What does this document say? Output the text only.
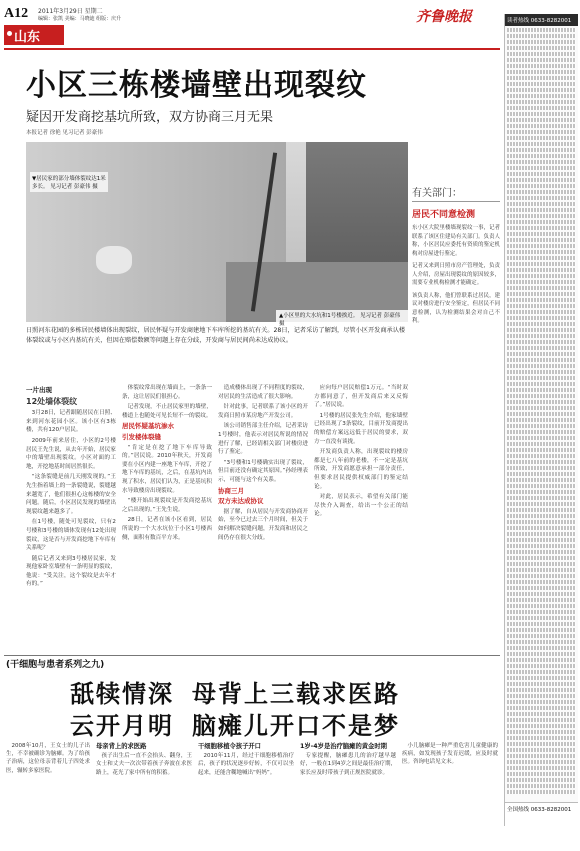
A12 2011年3月29日 星期二
编辑：张凯 美编：马晓迪 组版：庆升
山东
齐鲁晚报
小区三栋楼墙壁出现裂纹
疑因开发商挖基坑所致，双方协商三月无果
本报记者 徐艳 见习记者 彭豪伟
▼居民家的部分墙体裂纹达1米多长。 见习记者 彭豪伟 摄
▲小区里的大水坑和1号楼挨近。 见习记者 彭豪伟 摄
日照河东花园的多栋居民楼墙体出现裂纹，居民怀疑与开发商建地下车库所挖的基坑有关。28日，记者采访了解到，尽管小区开发商承认楼体裂纹或与小区内基坑有关，但因在赔偿数额等问题上存在分歧，开发商与居民间尚未达成协议。
一片出现
12处墙体裂纹

3月28日，记者跟随居民在日照、来到河东花园小区。该小区有3栋楼，共有120户居民。

2009年前来居住，小区的2号楼居民王先生说，从去年开始，居民家中的墙壁出现裂纹。小区对面的工地，开挖地基时间居然很长。

“这条裂缝是前几天刚发现的。”王先生指着墙上的一条裂缝说，裂缝越来越宽了，他们很担心这栋楼的安全问题。随后，小区居民发现的墙壁出现裂纹越来越多了。

在1号楼，随处可见裂纹，只有2号楼和3号楼的墙体发现有12处出现裂纹，这是否与开发商挖地下车库有关系呢？

随后记者又来到3号楼居民家，发现他家卧室墙壁有一条明显的裂纹，他说：“受关注，这个裂纹是去年才有的。”

体裂纹常出现在墙面上，一条条一条，这让居民们很担心。

记者发现，不止居民家里的墙壁，楼道上也随处可见长短不一的裂纹。

居民怀疑基坑渗水
引发楼体裂缝

“肯定是在挖了地下车库导致的。”居民说。2010年秋天，开发商要在小区内建一座地下车库，开挖了地下车库的基坑，之后，在基坑内出现了积水，居民们认为，正是基坑积水导致楼房出现裂纹。

“楼开始出现裂纹是开发商挖基坑之后出现的。”王先生说。

28日，记者在该小区看到，居民所说的一个大水坑位于小区1号楼西侧，面积有数百平方米。

造成楼体出现了不同程度的裂纹，对居民的生活造成了很大影响。

针对此事，记者联系了该小区的开发商日照市某房地产开发公司。

该公司销售部主任介绍，记者采访1号楼时，他表示对居民所说的情况进行了解，已经请相关部门对楼房进行了鉴定。

“3号楼和1号楼确实出现了裂纹，但目前还没有确定其原因。”孙经理表示，可能与这个有关系。

协商三月
双方未达成协议

据了解，自从居民与开发商协商开始，至今已过去三个月时间，但关于如何解决裂缝问题，开发商和居民之间仍存在很大分歧。

应向每户居民赔偿1万元。“当时双方都同意了，但开发商后来又反悔了。”居民说。

1号楼的居民张先生介绍，他家墙壁已经出现了3条裂纹，目前开发商提出的赔偿方案远远低于居民的要求，双方一直没有谈拢。

开发商负责人称，出现裂纹的楼房都是七八年前的老楼，不一定是基坑所致，开发商愿意承担一部分责任，但要求居民提供权威部门的鉴定结论。

对此，居民表示，希望有关部门能尽快介入调查，给出一个公正的结论。

有关部门：
居民不同意检测

东小区大院里楼墙现裂纹一事，记者联系了该区住建局有关部门。负责人称，小区居民应委托有资质的鉴定机构对房屋进行鉴定。

记者又来到日照市房产管理处，负责人介绍，房屋出现裂纹的原因较多，需要专业机构检测才能确定。

该负责人称，他们曾联系过居民，建议对楼房进行安全鉴定，但居民不同意检测，认为检测结果会对自己不利。

读者热线 0633-8282001
全国热线 0633-8282001
(干细胞与患者系列之九)
舐犊情深 母背上三载求医路
云开月明 脑瘫儿开口不是梦

2008年10月，王女士的儿子出生，不幸被确诊为脑瘫。为了给孩子治病，这位母亲背着儿子四处求医，辗转多家医院。

母亲背上的求医路

孩子出生后一直不会抬头、翻身，王女士和丈夫一次次带着孩子奔波在求医路上，花光了家中所有的积蓄。

干细胞移植令孩子开口

2010年11月，经过干细胞移植治疗后，孩子的状况逐步好转，不仅可以坐起来，还能含糊地喊出“妈妈”。

1岁-4岁是治疗脑瘫的黄金时期

专家提醒，脑瘫患儿的治疗越早越好，一般在1到4岁之间是最佳治疗期，家长应及时带孩子到正规医院就诊。

小儿脑瘫是一种严重危害儿童健康的疾病，如发现孩子发育迟缓，应及时就医。咨询电话见文末。
